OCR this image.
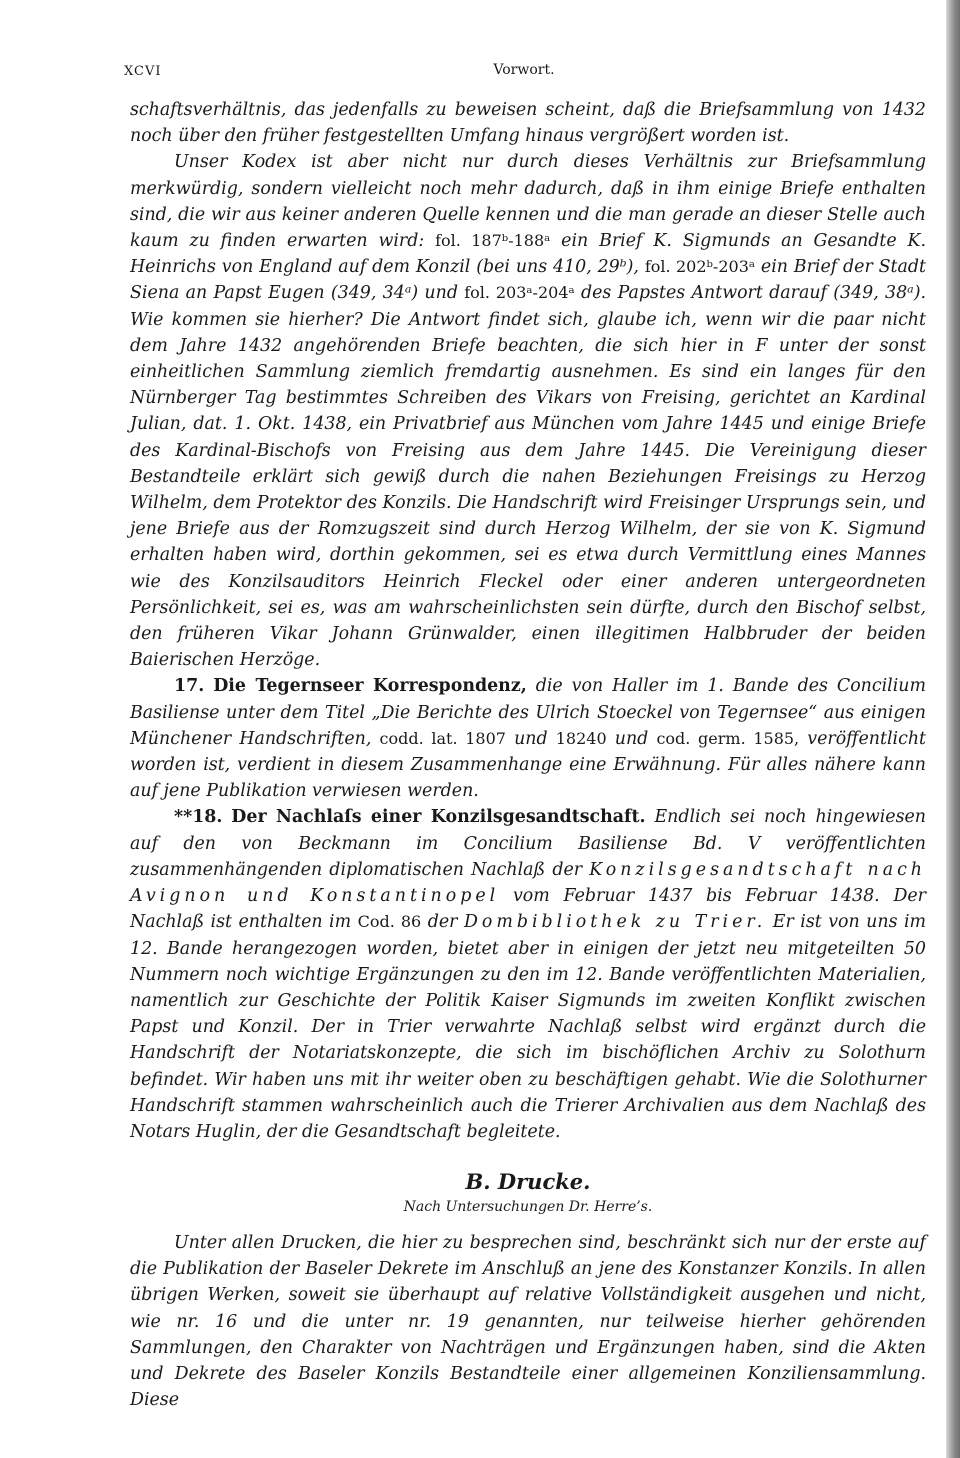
XCVI	Vorwort.

schaftsverhältnis, das jedenfalls zu beweisen scheint, daß die Briefsammlung von 1432 noch über den früher festgestellten Umfang hinaus vergrößert worden ist.

Unser Kodex ist aber nicht nur durch dieses Verhältnis zur Briefsammlung merkwürdig, sondern vielleicht noch mehr dadurch, daß in ihm einige Briefe enthalten sind, die wir aus keiner anderen Quelle kennen und die man gerade an dieser Stelle auch kaum zu finden erwarten wird: fol. 187ᵇ-188ᵃ ein Brief K. Sigmunds an Gesandte K. Heinrichs von England auf dem Konzil (bei uns 410, 29ᵇ), fol. 202ᵇ-203ᵃ ein Brief der Stadt Siena an Papst Eugen (349, 34ᵃ) und fol. 203ᵃ-204ᵃ des Papstes Antwort darauf (349, 38ᵃ). Wie kommen sie hierher? Die Antwort findet sich, glaube ich, wenn wir die paar nicht dem Jahre 1432 angehörenden Briefe beachten, die sich hier in F unter der sonst einheitlichen Sammlung ziemlich fremdartig ausnehmen. Es sind ein langes für den Nürnberger Tag bestimmtes Schreiben des Vikars von Freising, gerichtet an Kardinal Julian, dat. 1. Okt. 1438, ein Privatbrief aus München vom Jahre 1445 und einige Briefe des Kardinal-Bischofs von Freising aus dem Jahre 1445. Die Vereinigung dieser Bestandteile erklärt sich gewiß durch die nahen Beziehungen Freisings zu Herzog Wilhelm, dem Protektor des Konzils. Die Handschrift wird Freisinger Ursprungs sein, und jene Briefe aus der Romzugszeit sind durch Herzog Wilhelm, der sie von K. Sigmund erhalten haben wird, dorthin gekommen, sei es etwa durch Vermittlung eines Mannes wie des Konzilsauditors Heinrich Fleckel oder einer anderen untergeordneten Persönlichkeit, sei es, was am wahrscheinlichsten sein dürfte, durch den Bischof selbst, den früheren Vikar Johann Grünwalder, einen illegitimen Halbbruder der beiden Baierischen Herzöge.

17. Die Tegernseer Korrespondenz, die von Haller im 1. Bande des Concilium Basiliense unter dem Titel „Die Berichte des Ulrich Stoeckel von Tegernsee“ aus einigen Münchener Handschriften, codd. lat. 1807 und 18240 und cod. germ. 1585, veröffentlicht worden ist, verdient in diesem Zusammenhange eine Erwähnung. Für alles nähere kann auf jene Publikation verwiesen werden.

**18. Der Nachlaſs einer Konzilsgesandtschaft. Endlich sei noch hingewiesen auf den von Beckmann im Concilium Basiliense Bd. V veröffentlichten zusammenhängenden diplomatischen Nachlaß der Konzilsgesandtschaft nach Avignon und Konstantinopel vom Februar 1437 bis Februar 1438. Der Nachlaß ist enthalten im Cod. 86 der Dombibliothek zu Trier. Er ist von uns im 12. Bande herangezogen worden, bietet aber in einigen der jetzt neu mitgeteilten 50 Nummern noch wichtige Ergänzungen zu den im 12. Bande veröffentlichten Materialien, namentlich zur Geschichte der Politik Kaiser Sigmunds im zweiten Konflikt zwischen Papst und Konzil. Der in Trier verwahrte Nachlaß selbst wird ergänzt durch die Handschrift der Notariatskonzepte, die sich im bischöflichen Archiv zu Solothurn befindet. Wir haben uns mit ihr weiter oben zu beschäftigen gehabt. Wie die Solothurner Handschrift stammen wahrscheinlich auch die Trierer Archivalien aus dem Nachlaß des Notars Huglin, der die Gesandtschaft begleitete.

B. Drucke.
Nach Untersuchungen Dr. Herre’s.

Unter allen Drucken, die hier zu besprechen sind, beschränkt sich nur der erste auf die Publikation der Baseler Dekrete im Anschluß an jene des Konstanzer Konzils. In allen übrigen Werken, soweit sie überhaupt auf relative Vollständigkeit ausgehen und nicht, wie nr. 16 und die unter nr. 19 genannten, nur teilweise hierher gehörenden Sammlungen, den Charakter von Nachträgen und Ergänzungen haben, sind die Akten und Dekrete des Baseler Konzils Bestandteile einer allgemeinen Konziliensammlung. Diese
